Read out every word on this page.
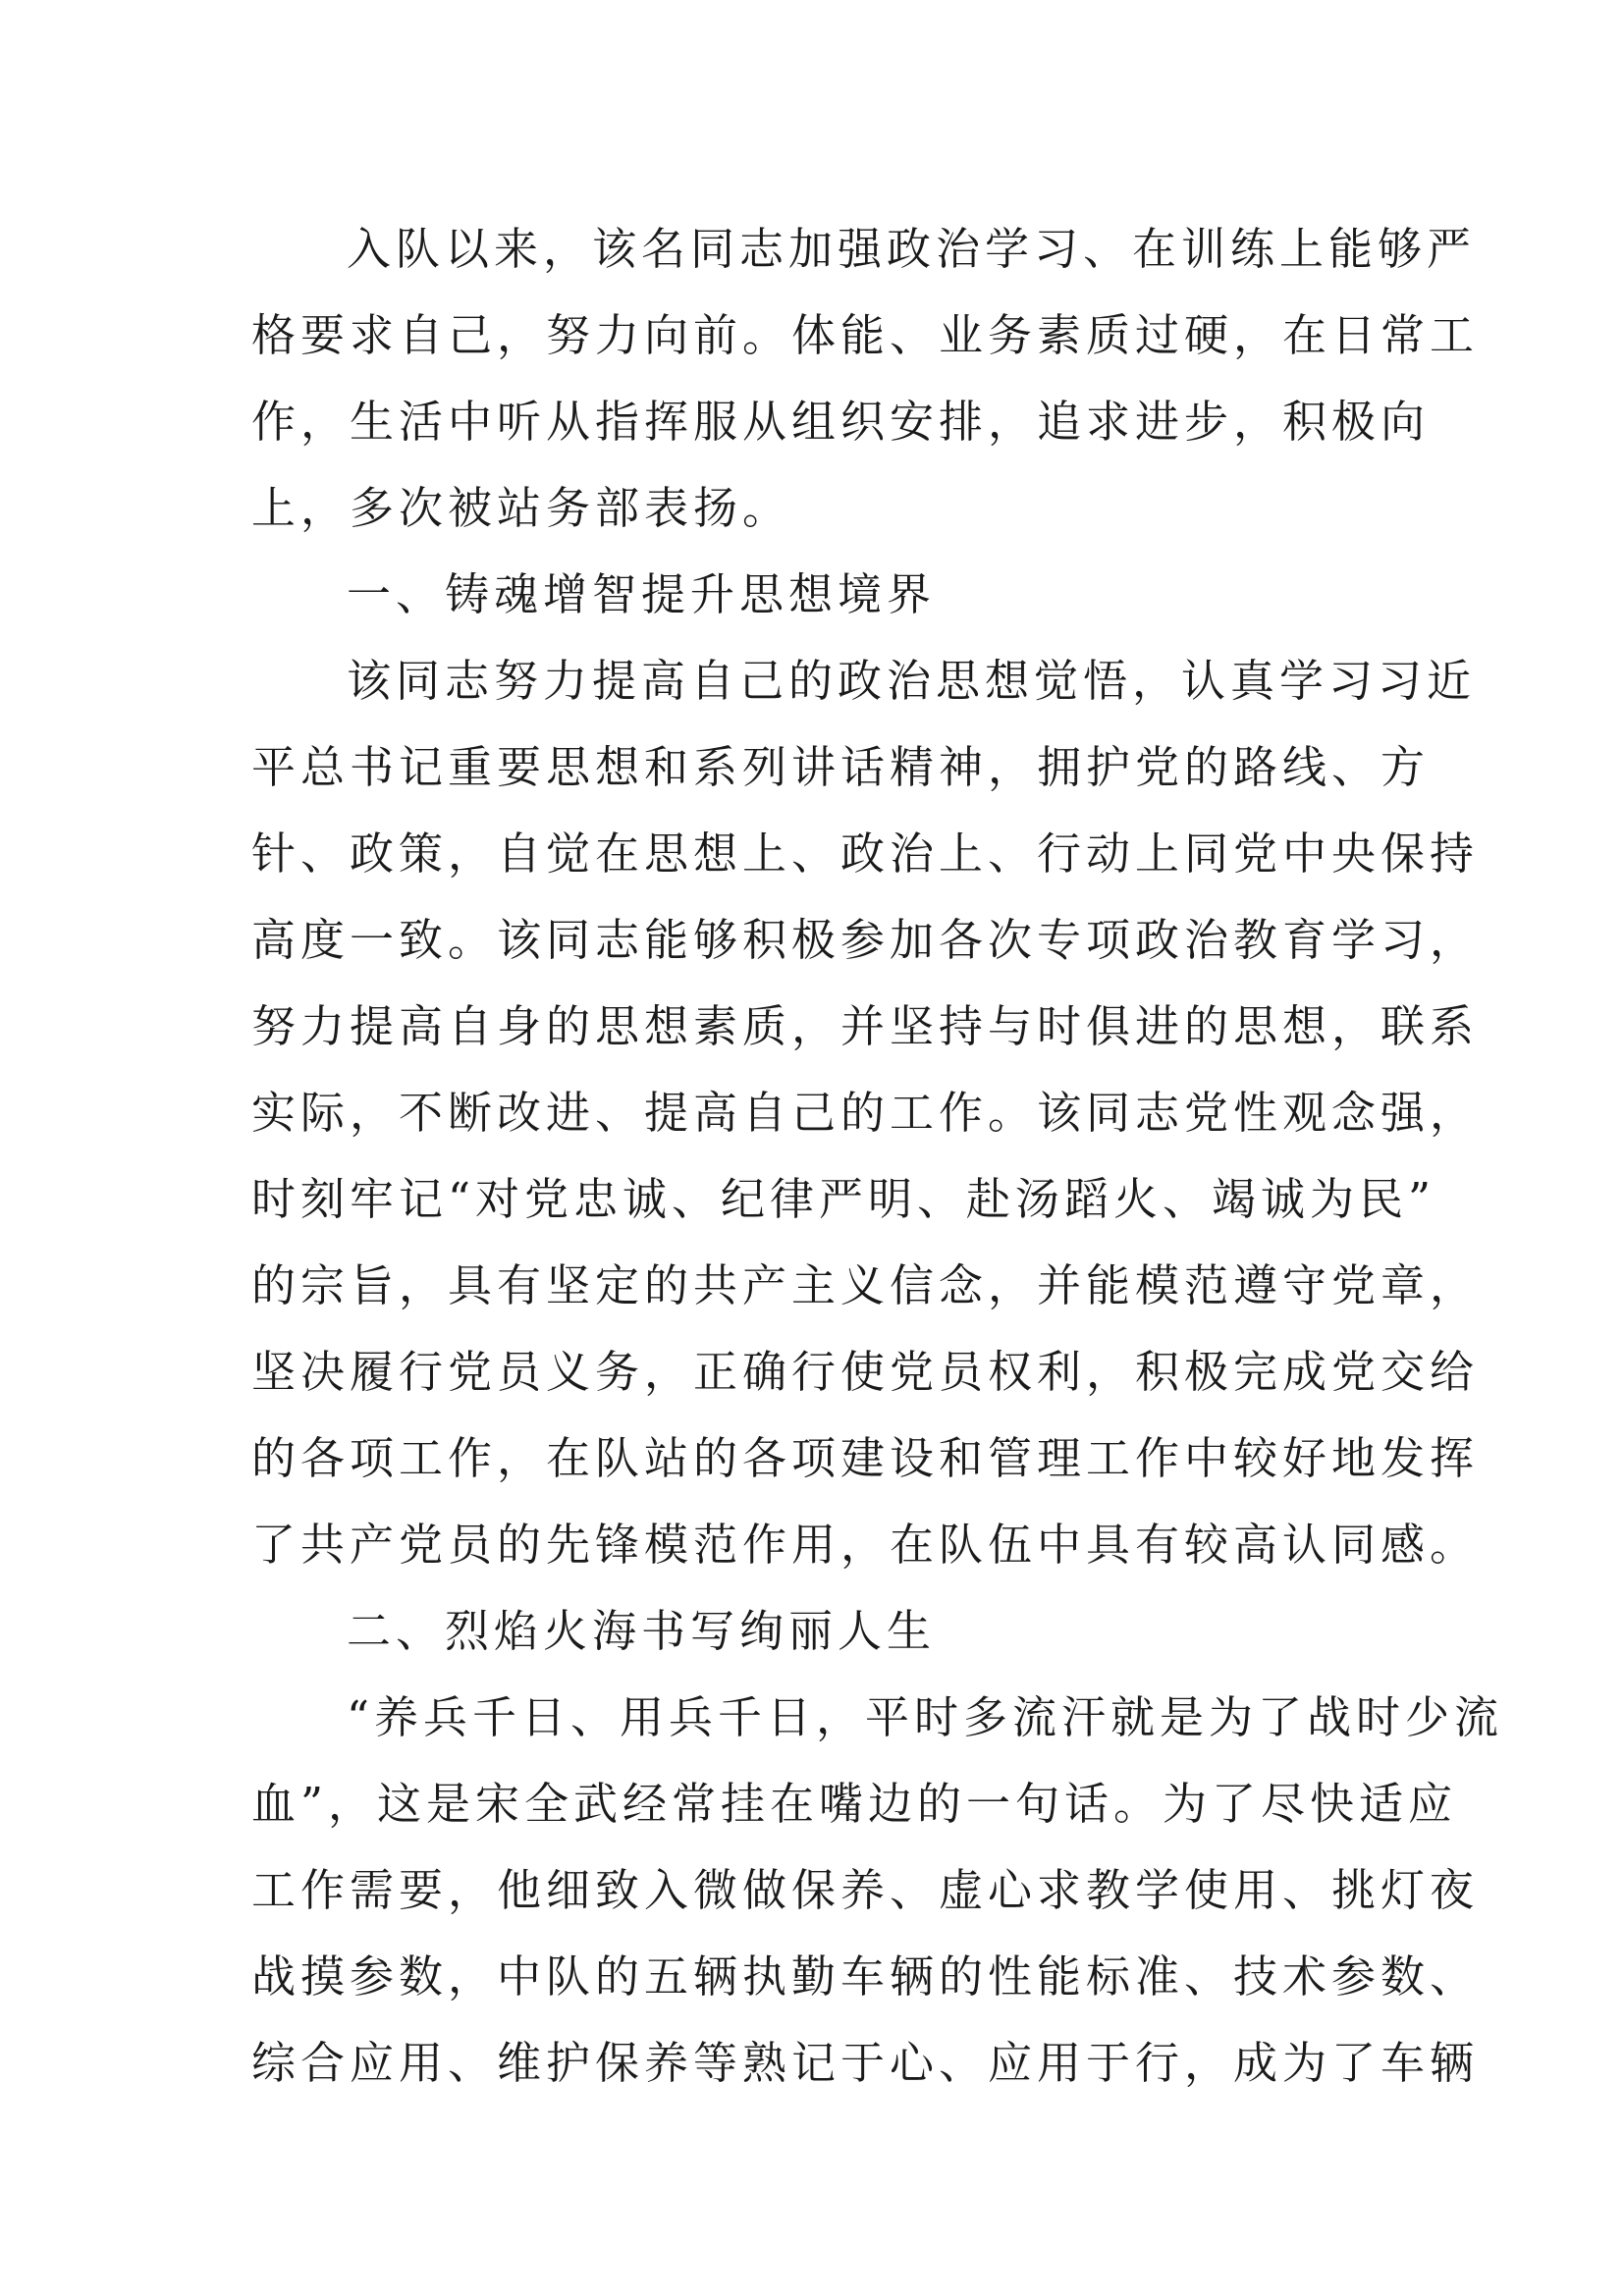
入队以来，该名同志加强政治学习、在训练上能够严
格要求自己，努力向前。体能、业务素质过硬，在日常工
作，生活中听从指挥服从组织安排，追求进步，积极向
上，多次被站务部表扬。
一、铸魂增智提升思想境界
该同志努力提高自己的政治思想觉悟，认真学习习近
平总书记重要思想和系列讲话精神，拥护党的路线、方
针、政策，自觉在思想上、政治上、行动上同党中央保持
高度一致。该同志能够积极参加各次专项政治教育学习，
努力提高自身的思想素质，并坚持与时俱进的思想，联系
实际，不断改进、提高自己的工作。该同志党性观念强，
时刻牢记“对党忠诚、纪律严明、赴汤蹈火、竭诚为民”
的宗旨，具有坚定的共产主义信念，并能模范遵守党章，
坚决履行党员义务，正确行使党员权利，积极完成党交给
的各项工作，在队站的各项建设和管理工作中较好地发挥
了共产党员的先锋模范作用，在队伍中具有较高认同感。
二、烈焰火海书写绚丽人生
“养兵千日、用兵千日，平时多流汗就是为了战时少流
血”，这是宋全武经常挂在嘴边的一句话。为了尽快适应
工作需要，他细致入微做保养、虚心求教学使用、挑灯夜
战摸参数，中队的五辆执勤车辆的性能标准、技术参数、
综合应用、维护保养等熟记于心、应用于行，成为了车辆
